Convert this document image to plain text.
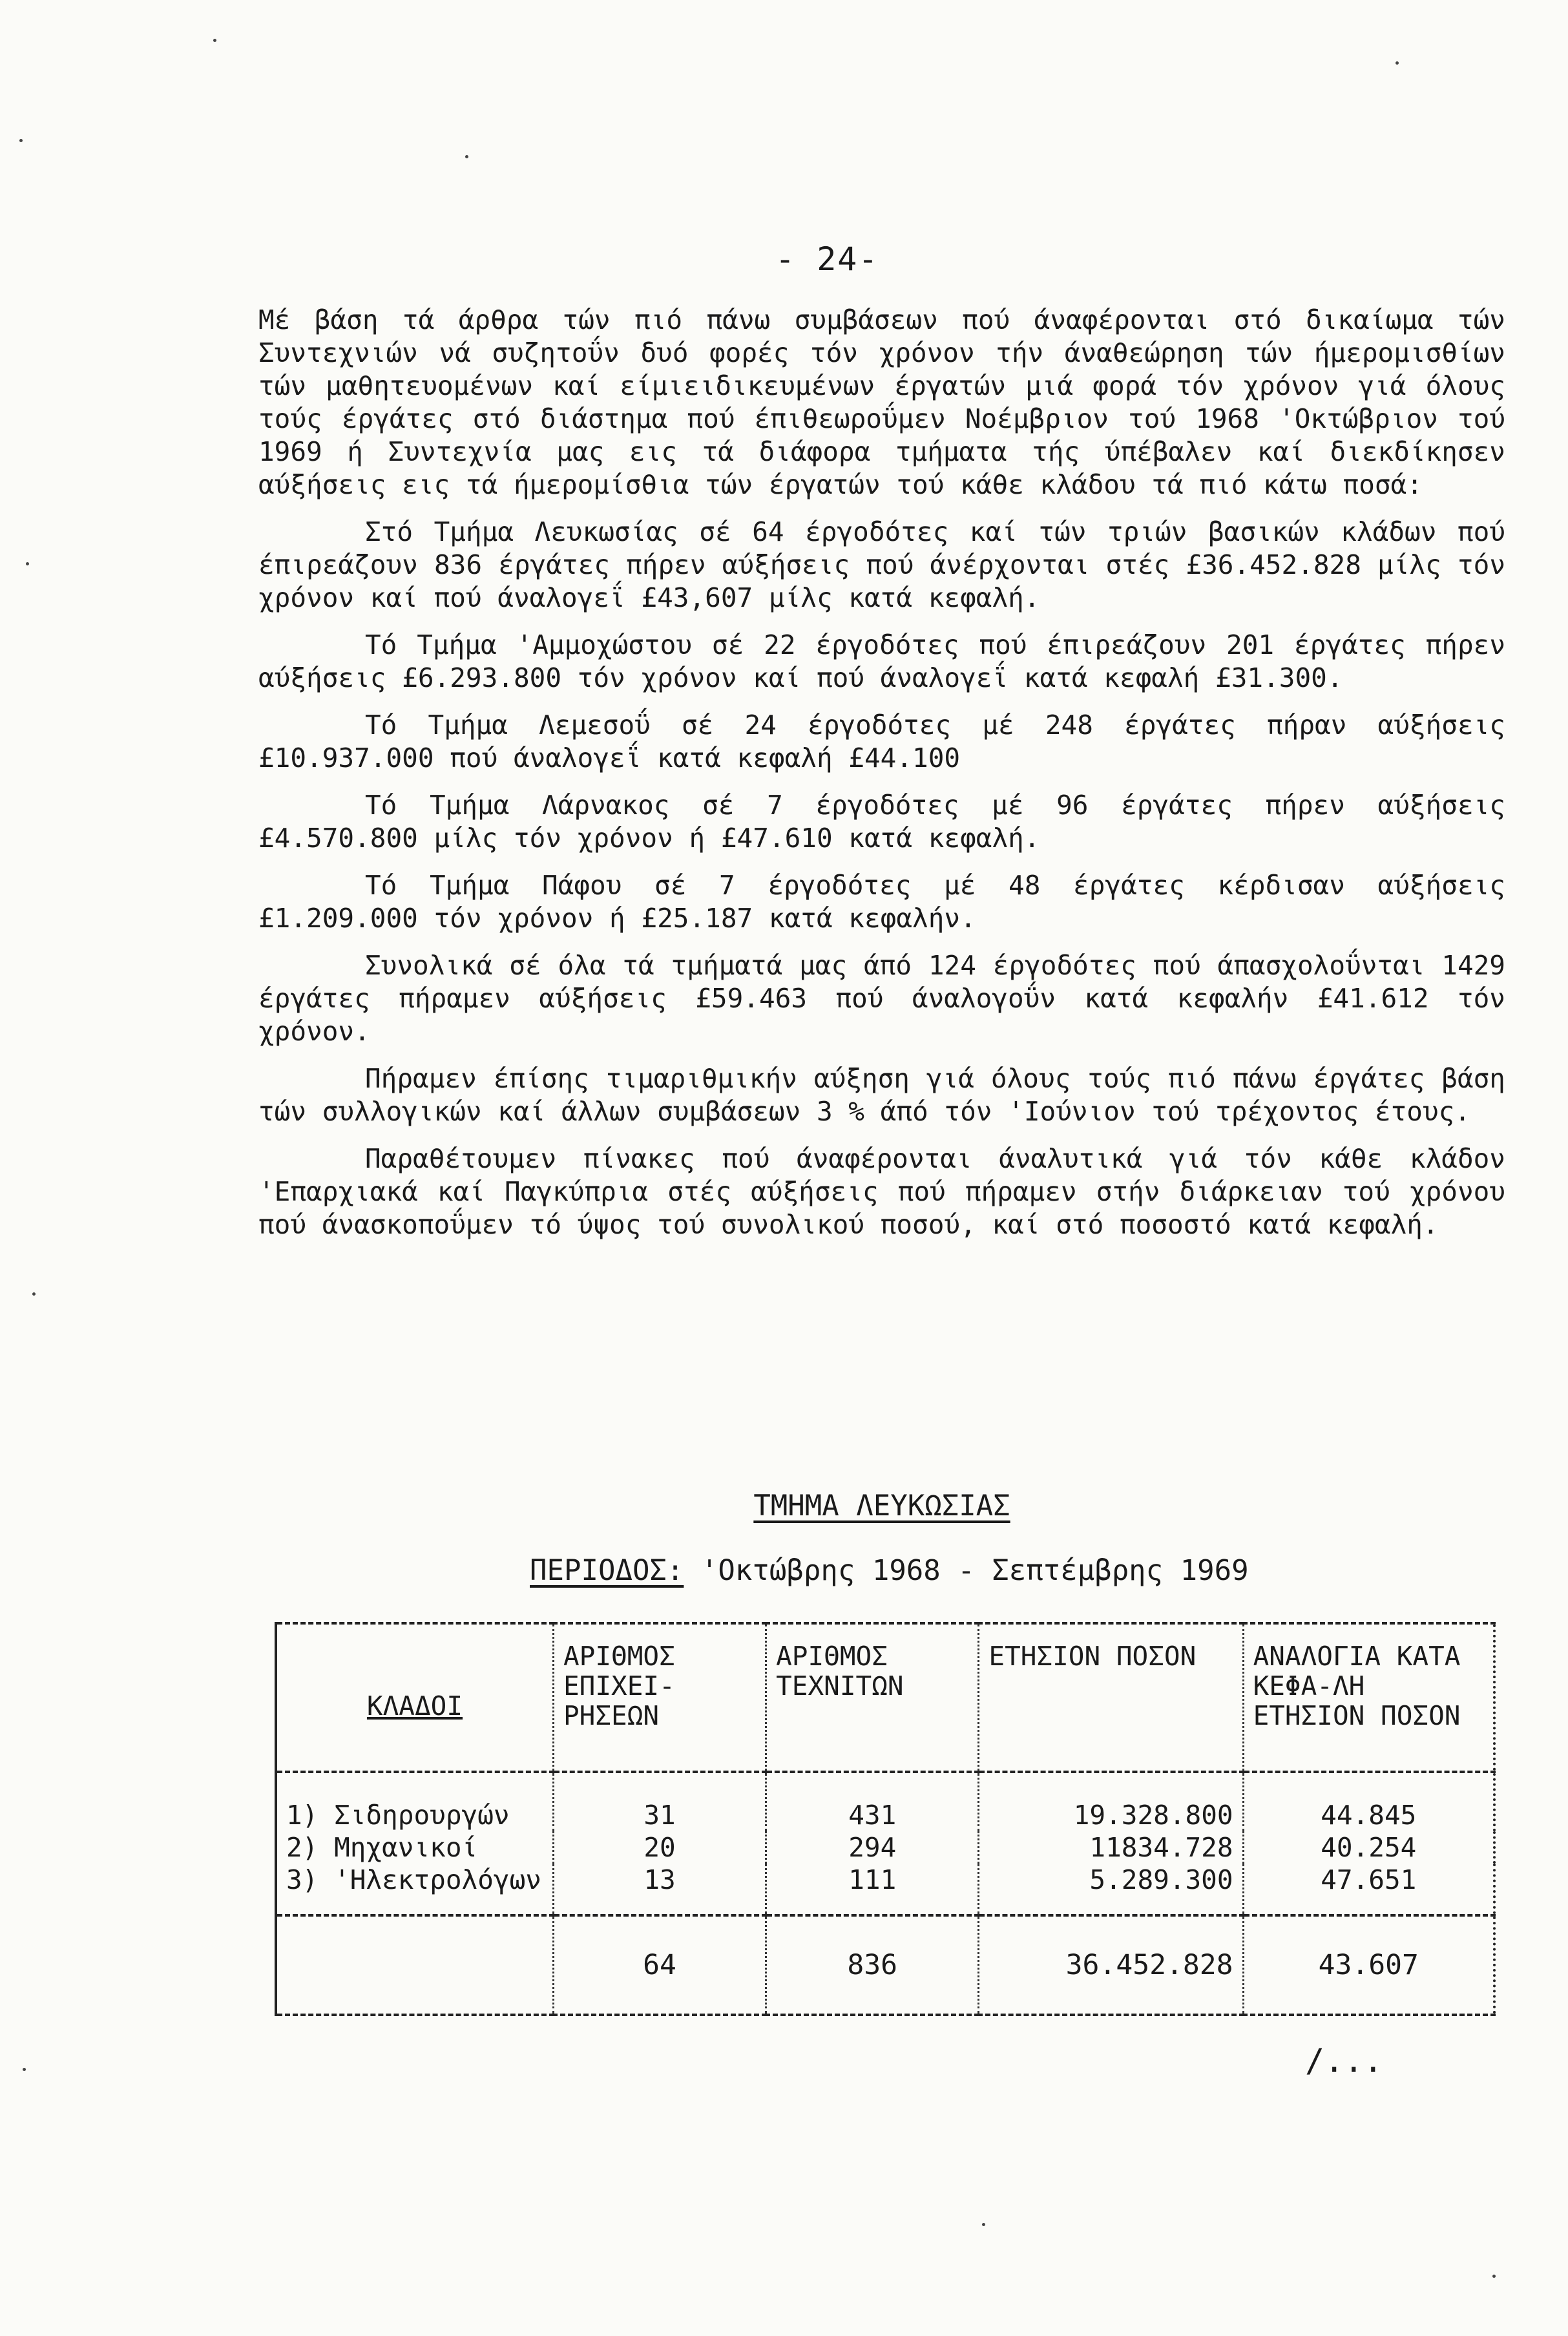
- 24-

Μέ βάση τά άρθρα τών πιό πάνω συμβάσεων πού άναφέρονται στό δικαίωμα τών Συντεχνιών νά συζητοΰν δυό φορές τόν χρόνον τήν άναθεώρηση τών ήμερομισθίων τών μαθητευομένων καί είμιειδικευμένων έργατών μιά φορά τόν χρόνον γιά όλους τούς έργάτες στό διάστημα πού έπιθεωροΰμεν Νοέμβριον τού 1968 'Οκτώβριον τού 1969 ή Συντεχνία μας εις τά διάφορα τμήματα τής ύπέβαλεν καί διεκδίκησεν αύξήσεις εις τά ήμερομίσθια τών έργατών τού κάθε κλάδου τά πιό κάτω ποσά:

Στό Τμήμα Λευκωσίας σέ 64 έργοδότες καί τών τριών βασικών κλάδων πού έπιρεάζουν 836 έργάτες πήρεν αύξήσεις πού άνέρχονται στές £36.452.828 μίλς τόν χρόνον καί πού άναλογεΐ £43,607 μίλς κατά κεφαλή.

Τό Τμήμα 'Αμμοχώστου σέ 22 έργοδότες πού έπιρεάζουν 201 έργάτες πήρεν αύξήσεις £6.293.800 τόν χρόνον καί πού άναλογεΐ κατά κεφαλή £31.300.

Τό Τμήμα Λεμεσοΰ σέ 24 έργοδότες μέ 248 έργάτες πήραν αύξήσεις £10.937.000 πού άναλογεΐ κατά κεφαλή £44.100

Τό Τμήμα Λάρνακος σέ 7 έργοδότες μέ 96 έργάτες πήρεν αύξήσεις £4.570.800 μίλς τόν χρόνον ή £47.610 κατά κεφαλή.

Τό Τμήμα Πάφου σέ 7 έργοδότες μέ 48 έργάτες κέρδισαν αύξήσεις £1.209.000 τόν χρόνον ή £25.187 κατά κεφαλήν.

Συνολικά σέ όλα τά τμήματά μας άπό 124 έργοδότες πού άπασχολοΰνται 1429 έργάτες πήραμεν αύξήσεις £59.463 πού άναλογοΰν κατά κεφαλήν £41.612 τόν χρόνον.

Πήραμεν έπίσης τιμαριθμικήν αύξηση γιά όλους τούς πιό πάνω έργάτες βάση τών συλλογικών καί άλλων συμβάσεων 3 % άπό τόν 'Ιούνιον τού τρέχοντος έτους.

Παραθέτουμεν πίνακες πού άναφέρονται άναλυτικά γιά τόν κάθε κλάδον 'Επαρχιακά καί Παγκύπρια στές αύξήσεις πού πήραμεν στήν διάρκειαν τού χρόνου πού άνασκοποΰμεν τό ύψος τού συνολικού ποσού, καί στό ποσοστό κατά κεφαλή.

ΤΜΗΜΑ ΛΕΥΚΩΣΙΑΣ
ΠΕΡΙΟΔΟΣ: 'Οκτώβρης 1968 - Σεπτέμβρης 1969
ΚΛΑΔΟΙ	ΑΡΙΘΜΟΣ ΕΠΙΧΕΙ-ΡΗΣΕΩΝ	ΑΡΙΘΜΟΣ ΤΕΧΝΙΤΩΝ	ΕΤΗΣΙΟΝ ΠΟΣΟΝ	ΑΝΑΛΟΓΙΑ ΚΑΤΑ ΚΕΦΑ-ΛΗ ΕΤΗΣΙΟΝ ΠΟΣΟΝ
1) Σιδηρουργών	31	431	19.328.800	44.845
2) Μηχανικοί	20	294	11834.728	40.254
3) 'Ηλεκτρολόγων	13	111	5.289.300	47.651
	64	836	36.452.828	43.607
/...
